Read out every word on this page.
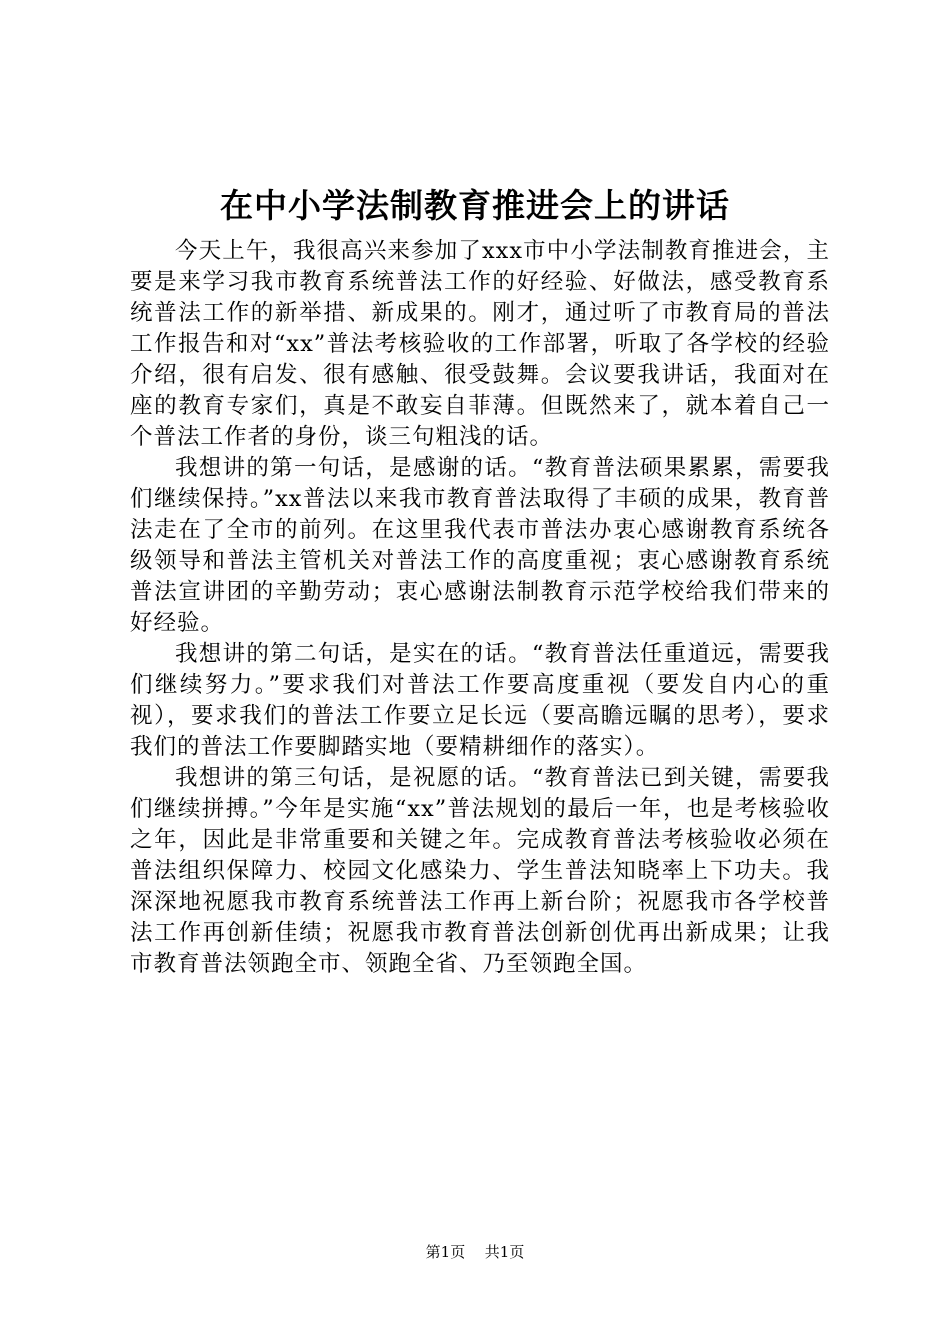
在中小学法制教育推进会上的讲话

今天上午，我很高兴来参加了xxx市中小学法制教育推进会，主要是来学习我市教育系统普法工作的好经验、好做法，感受教育系统普法工作的新举措、新成果的。刚才，通过听了市教育局的普法工作报告和对“xx”普法考核验收的工作部署，听取了各学校的经验介绍，很有启发、很有感触、很受鼓舞。会议要我讲话，我面对在座的教育专家们，真是不敢妄自菲薄。但既然来了，就本着自己一个普法工作者的身份，谈三句粗浅的话。

我想讲的第一句话，是感谢的话。“教育普法硕果累累，需要我们继续保持。”xx普法以来我市教育普法取得了丰硕的成果，教育普法走在了全市的前列。在这里我代表市普法办衷心感谢教育系统各级领导和普法主管机关对普法工作的高度重视；衷心感谢教育系统普法宣讲团的辛勤劳动；衷心感谢法制教育示范学校给我们带来的好经验。

我想讲的第二句话，是实在的话。“教育普法任重道远，需要我们继续努力。”要求我们对普法工作要高度重视（要发自内心的重视），要求我们的普法工作要立足长远（要高瞻远瞩的思考），要求我们的普法工作要脚踏实地（要精耕细作的落实）。

我想讲的第三句话，是祝愿的话。“教育普法已到关键，需要我们继续拼搏。”今年是实施“xx”普法规划的最后一年，也是考核验收之年，因此是非常重要和关键之年。完成教育普法考核验收必须在普法组织保障力、校园文化感染力、学生普法知晓率上下功夫。我深深地祝愿我市教育系统普法工作再上新台阶；祝愿我市各学校普法工作再创新佳绩；祝愿我市教育普法创新创优再出新成果；让我市教育普法领跑全市、领跑全省、乃至领跑全国。

第1页 共1页
